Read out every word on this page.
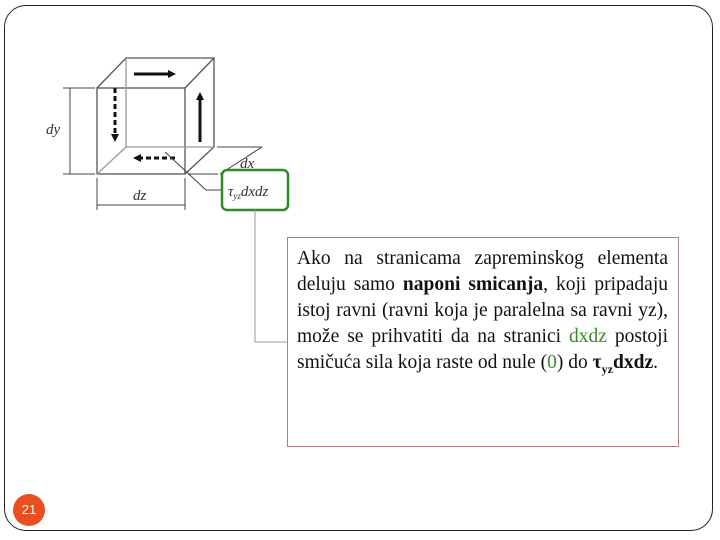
dy
dz
dx
$\tau_{yz}dxdz$
Ako na stranicama zapreminskog elementa deluju samo naponi smicanja, koji pripadaju istoj ravni (ravni koja je paralelna sa ravni yz), može se prihvatiti da na stranici dxdz postoji smičuća sila koja raste od nule (0) do $\tau_{yz}dxdz$.
21
